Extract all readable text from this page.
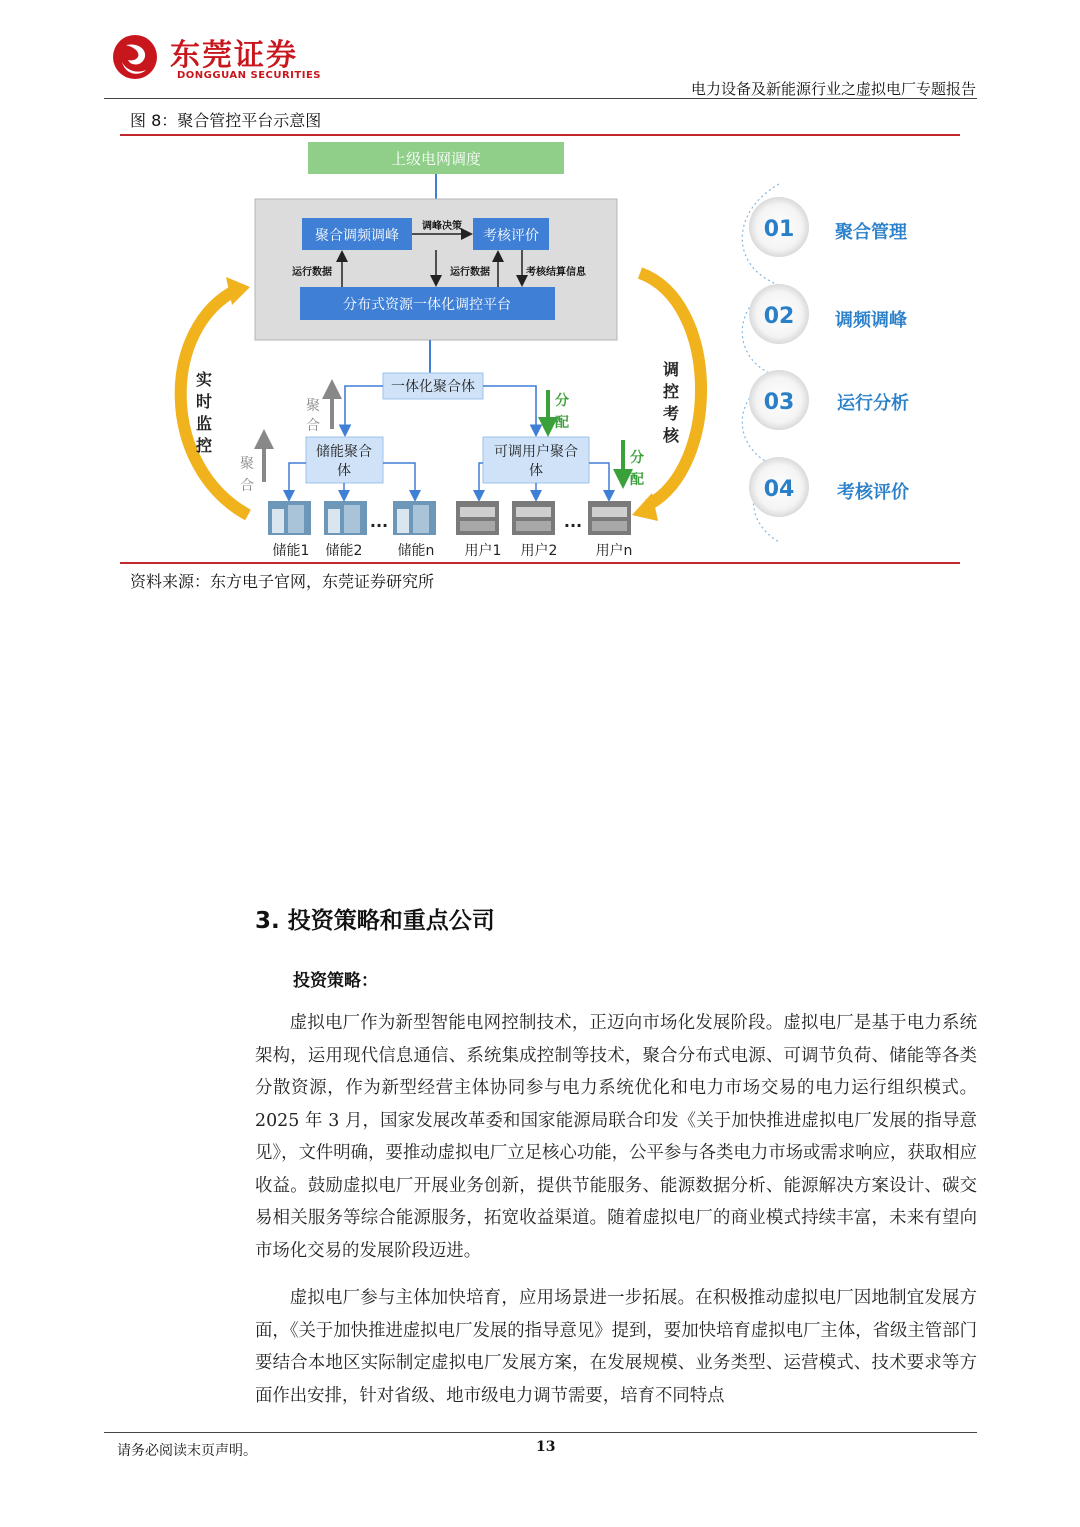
东莞证券
DONGGUAN SECURITIES
电力设备及新能源行业之虚拟电厂专题报告
图 8：聚合管控平台示意图
上级电网调度
聚合调频调峰	考核评价
调峰决策
分布式资源一体化调控平台
运行数据	运行数据	考核结算信息
一体化聚合体
储能聚合
体
可调用户聚合
体
聚
合
聚
合
分
配
分
配
...	...
储能1 储能2	储能n 用户1 用户2	用户n
实
时
监
控
调
控
考
核
01 聚合管理
02 调频调峰
03 运行分析
04 考核评价
资料来源：东方电子官网，东莞证券研究所
3. 投资策略和重点公司
投资策略：

虚拟电厂作为新型智能电网控制技术，正迈向市场化发展阶段。虚拟电厂是基于电力系统架构，运用现代信息通信、系统集成控制等技术，聚合分布式电源、可调节负荷、储能等各类分散资源，作为新型经营主体协同参与电力系统优化和电力市场交易的电力运行组织模式。2025 年 3 月，国家发展改革委和国家能源局联合印发《关于加快推进虚拟电厂发展的指导意见》，文件明确，要推动虚拟电厂立足核心功能，公平参与各类电力市场或需求响应，获取相应收益。鼓励虚拟电厂开展业务创新，提供节能服务、能源数据分析、能源解决方案设计、碳交易相关服务等综合能源服务，拓宽收益渠道。随着虚拟电厂的商业模式持续丰富，未来有望向市场化交易的发展阶段迈进。

虚拟电厂参与主体加快培育，应用场景进一步拓展。在积极推动虚拟电厂因地制宜发展方面，《关于加快推进虚拟电厂发展的指导意见》提到，要加快培育虚拟电厂主体，省级主管部门要结合本地区实际制定虚拟电厂发展方案，在发展规模、业务类型、运营模式、技术要求等方面作出安排，针对省级、地市级电力调节需要，培育不同特点

请务必阅读末页声明。	13
